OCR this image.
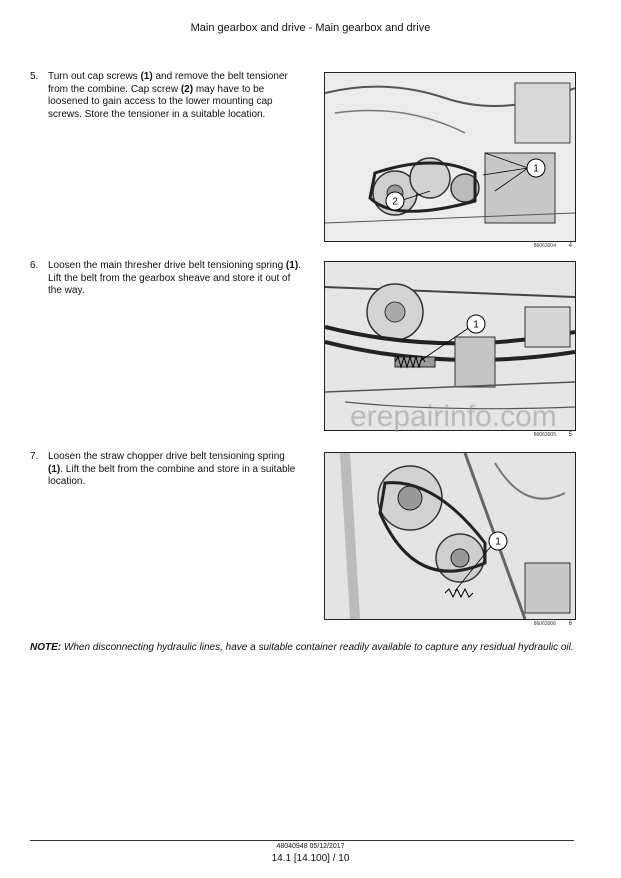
Main gearbox and drive - Main gearbox and drive
5. Turn out cap screws (1) and remove the belt tensioner from the combine. Cap screw (2) may have to be loosened to gain access to the lower mounting cap screws. Store the tensioner in a suitable location.
1
2
86063004 4
6. Loosen the main thresher drive belt tensioning spring (1). Lift the belt from the gearbox sheave and store it out of the way.
1
86063005 5
erepairinfo.com
7. Loosen the straw chopper drive belt tensioning spring (1). Lift the belt from the combine and store in a suitable location.
1
86063006 6
NOTE: When disconnecting hydraulic lines, have a suitable container readily available to capture any residual hydraulic oil.
48040948 05/12/2017
14.1 [14.100] / 10
